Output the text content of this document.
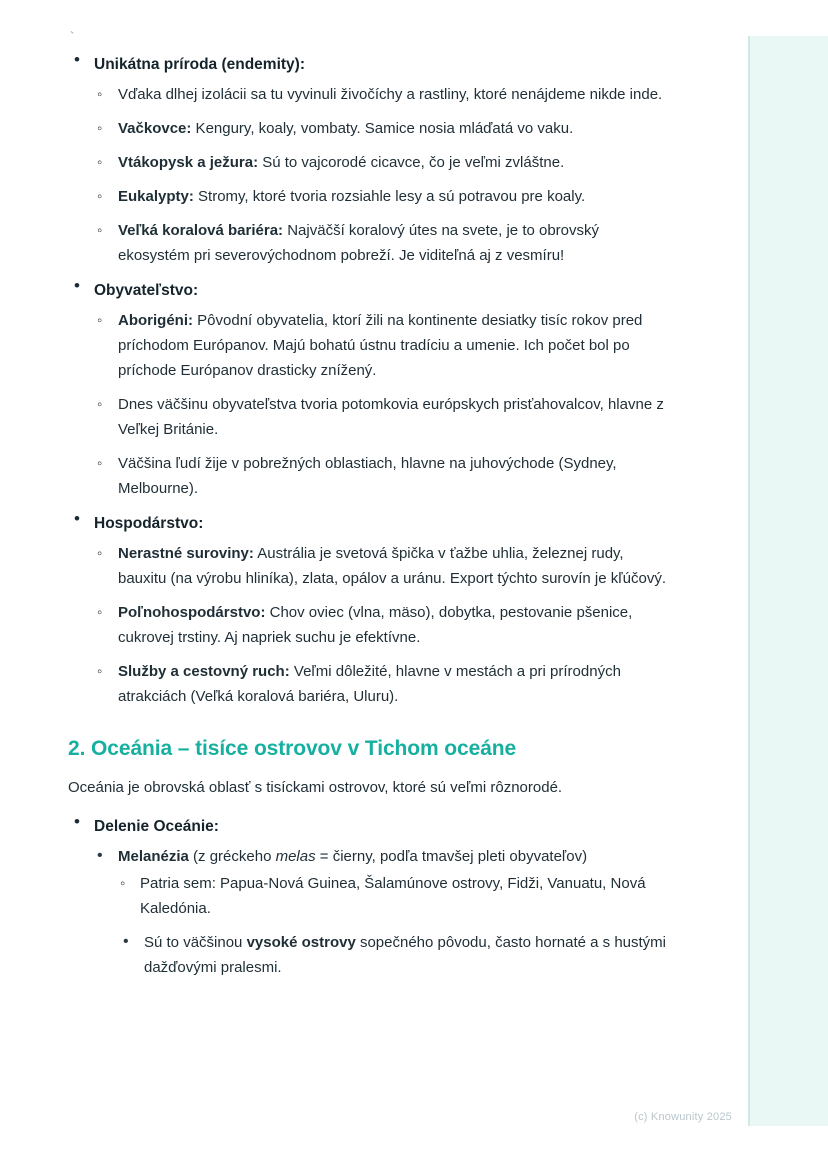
`
• Unikátna príroda (endemity):
◦ Vďaka dlhej izolácii sa tu vyvinuli živočíchy a rastliny, ktoré nenájdeme nikde inde.
◦ Vačkovce: Kengury, koaly, vombaty. Samice nosia mláďatá vo vaku.
◦ Vtákopysk a ježura: Sú to vajcorodé cicavce, čo je veľmi zvláštne.
◦ Eukalypty: Stromy, ktoré tvoria rozsiahle lesy a sú potravou pre koaly.
◦ Veľká koralová bariéra: Najväčší koralový útes na svete, je to obrovský ekosystém pri severovýchodnom pobreží. Je viditeľná aj z vesmíru!
• Obyvateľstvo:
◦ Aborigéni: Pôvodní obyvatelia, ktorí žili na kontinente desiatky tisíc rokov pred príchodom Európanov. Majú bohatú ústnu tradíciu a umenie. Ich počet bol po príchode Európanov drasticky znížený.
◦ Dnes väčšinu obyvateľstva tvoria potomkovia európskych prisťahovalcov, hlavne z Veľkej Británie.
◦ Väčšina ľudí žije v pobrežných oblastiach, hlavne na juhovýchode (Sydney, Melbourne).
• Hospodárstvo:
◦ Nerastné suroviny: Austrália je svetová špička v ťažbe uhlia, železnej rudy, bauxitu (na výrobu hliníka), zlata, opálov a uránu. Export týchto surovín je kľúčový.
◦ Poľnohospodárstvo: Chov oviec (vlna, mäso), dobytka, pestovanie pšenice, cukrovej trstiny. Aj napriek suchu je efektívne.
◦ Služby a cestovný ruch: Veľmi dôležité, hlavne v mestách a pri prírodných atrakciách (Veľká koralová bariéra, Uluru).
2. Oceánia – tisíce ostrovov v Tichom oceáne

Oceánia je obrovská oblasť s tisíckami ostrovov, ktoré sú veľmi rôznorodé.

• Delenie Oceánie:
• Melanézia (z gréckeho melas = čierny, podľa tmavšej pleti obyvateľov)
◦ Patria sem: Papua-Nová Guinea, Šalamúnove ostrovy, Fidži, Vanuatu, Nová Kaledónia.
• Sú to väčšinou vysoké ostrovy sopečného pôvodu, často hornaté a s hustými dažďovými pralesmi.
(c) Knowunity 2025
